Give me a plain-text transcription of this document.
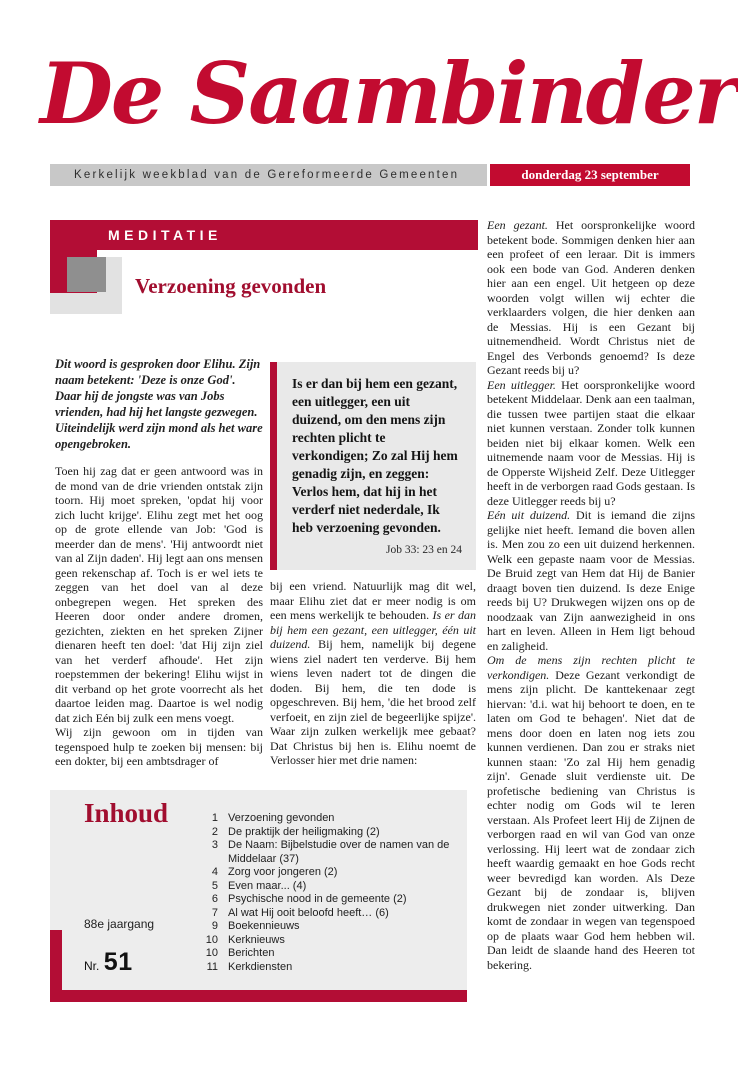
De Saambinder
Kerkelijk weekblad van de Gereformeerde Gemeenten	donderdag 23 september
MEDITATIE
Verzoening gevonden

Dit woord is gesproken door Elihu. Zijn naam betekent: 'Deze is onze God'. Daar hij de jongste was van Jobs vrienden, had hij het langste gezwegen. Uiteindelijk werd zijn mond als het ware opengebroken.

Toen hij zag dat er geen antwoord was in de mond van de drie vrienden ontstak zijn toorn. Hij moet spreken, 'opdat hij voor zich lucht krijge'. Elihu zegt met het oog op de grote ellende van Job: 'God is meerder dan de mens'. 'Hij antwoordt niet van al Zijn daden'. Hij legt aan ons mensen geen rekenschap af. Toch is er wel iets te zeggen van het doel van al deze onbegrepen wegen. Het spreken des Heeren door onder andere dromen, gezichten, ziekten en het spreken Zijner dienaren heeft ten doel: 'dat Hij zijn ziel van het verderf afhoude'. Het zijn roepstemmen der bekering! Elihu wijst in dit verband op het grote voorrecht als het daartoe leiden mag. Daartoe is wel nodig dat zich Eén bij zulk een mens voegt.

Wij zijn gewoon om in tijden van tegenspoed hulp te zoeken bij mensen: bij een dokter, bij een ambtsdrager of

Is er dan bij hem een gezant, een uitlegger, een uit duizend, om den mens zijn rechten plicht te verkondigen; Zo zal Hij hem genadig zijn, en zeggen: Verlos hem, dat hij in het verderf niet nederdale, Ik heb verzoening gevonden.
Job 33: 23 en 24

bij een vriend. Natuurlijk mag dit wel, maar Elihu ziet dat er meer nodig is om een mens werkelijk te behouden. Is er dan bij hem een gezant, een uitlegger, één uit duizend. Bij hem, namelijk bij degene wiens ziel nadert ten verderve. Bij hem wiens leven nadert tot de dingen die doden. Bij hem, die ten dode is opgeschreven. Bij hem, 'die het brood zelf verfoeit, en zijn ziel de begeerlijke spijze'. Waar zijn zulken werkelijk mee gebaat? Dat Christus bij hen is. Elihu noemt de Verlosser hier met drie namen:

Een gezant. Het oorspronkelijke woord betekent bode. Sommigen denken hier aan een profeet of een leraar. Dit is immers ook een bode van God. Anderen denken hier aan een engel. Uit hetgeen op deze woorden volgt willen wij echter die verklaarders volgen, die hier denken aan de Messias. Hij is een Gezant bij uitnemendheid. Wordt Christus niet de Engel des Verbonds genoemd? Is deze Gezant reeds bij u?

Een uitlegger. Het oorspronkelijke woord betekent Middelaar. Denk aan een taalman, die tussen twee partijen staat die elkaar niet kunnen verstaan. Zonder tolk kunnen beiden niet bij elkaar komen. Welk een uitnemende naam voor de Messias. Hij is de Opperste Wijsheid Zelf. Deze Uitlegger heeft in de verborgen raad Gods gestaan. Is deze Uitlegger reeds bij u?

Eén uit duizend. Dit is iemand die zijns gelijke niet heeft. Iemand die boven allen is. Men zou zo een uit duizend herkennen. Welk een gepaste naam voor de Messias. De Bruid zegt van Hem dat Hij de Banier draagt boven tien duizend. Is deze Enige reeds bij U? Drukwegen wijzen ons op de noodzaak van Zijn aanwezigheid in ons hart en leven. Alleen in Hem ligt behoud en zaligheid.

Om de mens zijn rechten plicht te verkondigen. Deze Gezant verkondigt de mens zijn plicht. De kanttekenaar zegt hiervan: 'd.i. wat hij behoort te doen, en te laten om God te behagen'. Niet dat de mens door doen en laten nog iets zou kunnen verdienen. Dan zou er straks niet kunnen staan: 'Zo zal Hij hem genadig zijn'. Genade sluit verdienste uit. De profetische bediening van Christus is echter nodig om Gods wil te leren verstaan. Als Profeet leert Hij de Zijnen de verborgen raad en wil van God van onze verlossing. Hij leert wat de zondaar zich heeft waardig gemaakt en hoe Gods recht weer bevredigd kan worden. Als Deze Gezant bij de zondaar is, blijven drukwegen niet zonder uitwerking. Dan komt de zondaar in wegen van tegenspoed op de plaats waar God hem hebben wil. Dan leidt de slaande hand des Heeren tot bekering.

Inhoud	1 Verzoening gevonden
2 De praktijk der heiligmaking (2)
3 De Naam: Bijbelstudie over de namen van de Middelaar (37)
4 Zorg voor jongeren (2)
5 Even maar... (4)
6 Psychische nood in de gemeente (2)
7 Al wat Hij ooit beloofd heeft… (6)
9 Boekennieuws
10 Kerknieuws
10 Berichten
11 Kerkdiensten
88e jaargang
Nr. 51
